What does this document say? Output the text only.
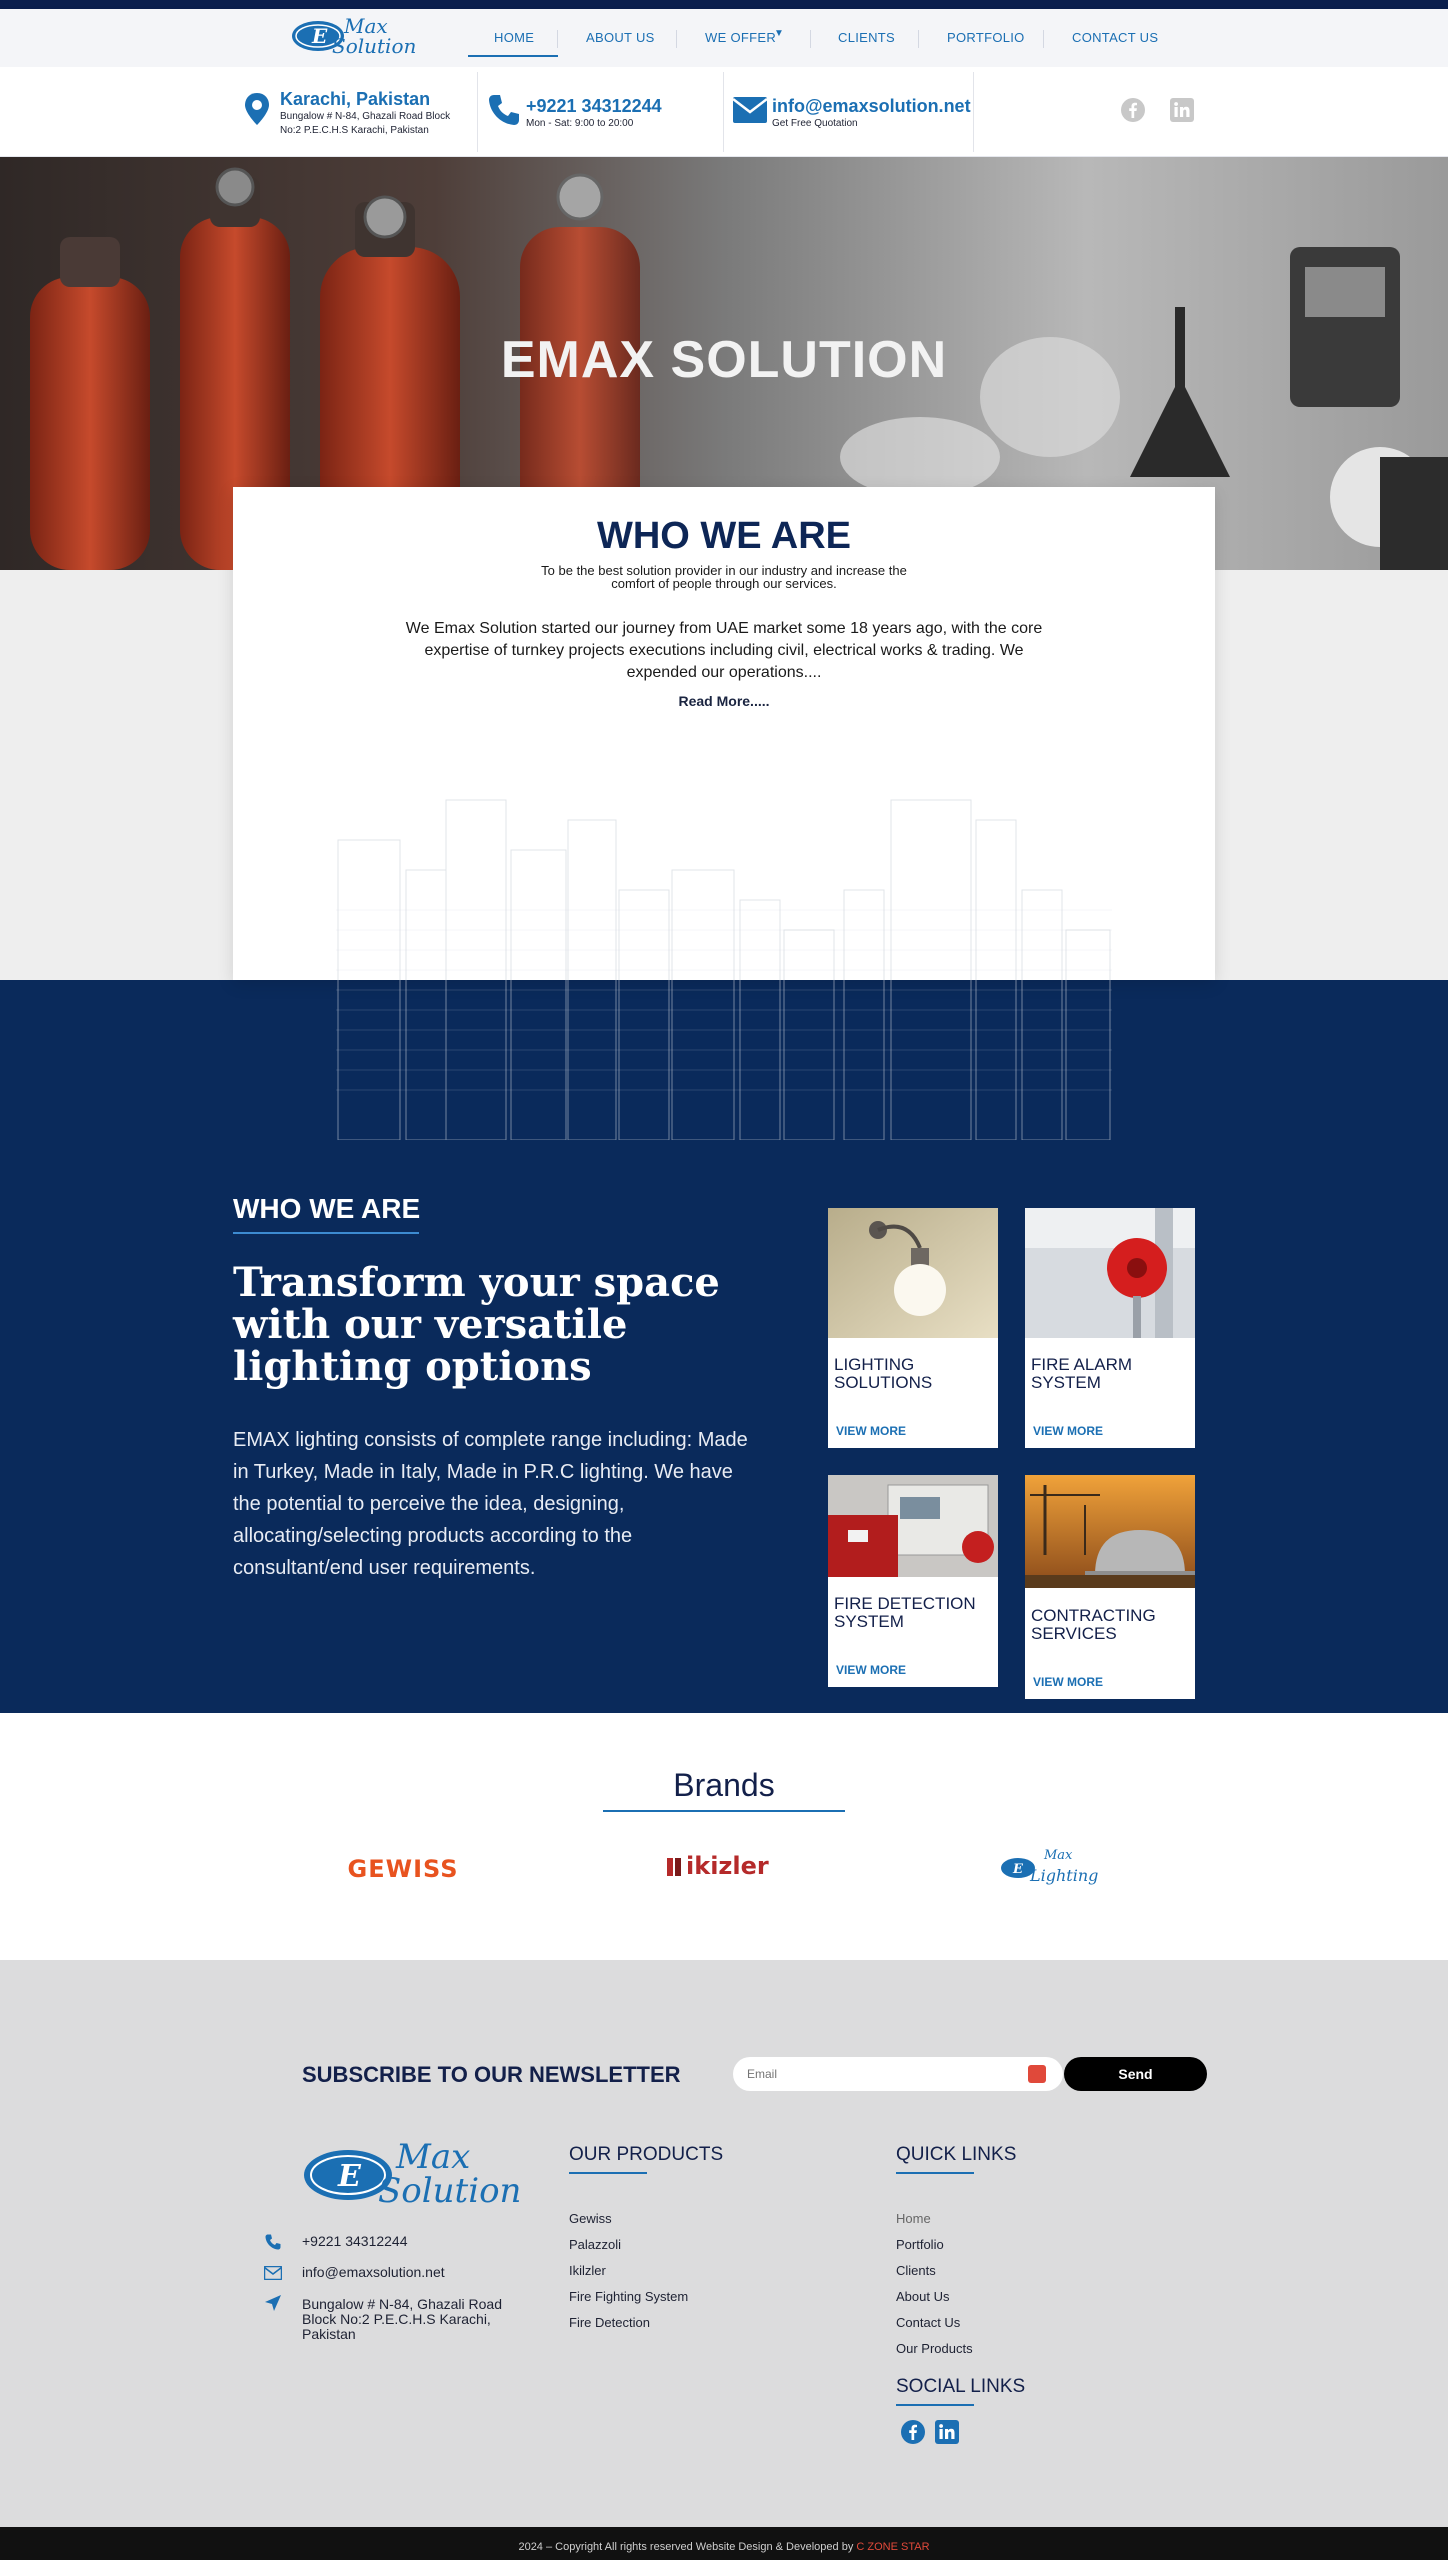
E Max
Solution	HOME	ABOUT US	WE OFFER
▼	CLIENTS	PORTFOLIO	CONTACT US
Karachi, Pakistan
Bungalow # N-84, Ghazali Road Block
No:2 P.E.C.H.S Karachi, Pakistan
+9221 34312244
Mon - Sat: 9:00 to 20:00
info@emaxsolution.net
Get Free Quotation
EMAX SOLUTION
WHO WE ARE
To be the best solution provider in our industry and increase the
comfort of people through our services.
We Emax Solution started our journey from UAE market some 18 years ago, with the core expertise of turnkey projects executions including civil, electrical works & trading. We expended our operations....
Read More.....
WHO WE ARE
Transform your space with our versatile lighting options
EMAX lighting consists of complete range including: Made in Turkey, Made in Italy, Made in P.R.C lighting. We have the potential to perceive the idea, designing, allocating/selecting products according to the consultant/end user requirements.
LIGHTING SOLUTIONS
VIEW MORE
FIRE ALARM SYSTEM
VIEW MORE
FIRE DETECTION SYSTEM
VIEW MORE
CONTRACTING SERVICES
VIEW MORE
Brands
GEWISS	ikizler	E
Max
Lighting
SUBSCRIBE TO OUR NEWSLETTER
Email	Send
E Max
Solution
+9221 34312244
info@emaxsolution.net
Bungalow # N-84, Ghazali Road Block No:2 P.E.C.H.S Karachi, Pakistan
OUR PRODUCTS
Gewiss
Palazzoli
Ikilzler
Fire Fighting System
Fire Detection
QUICK LINKS
Home
Portfolio
Clients
About Us
Contact Us
Our Products
SOCIAL LINKS
2024 – Copyright All rights reserved Website Design & Developed by C ZONE STAR
